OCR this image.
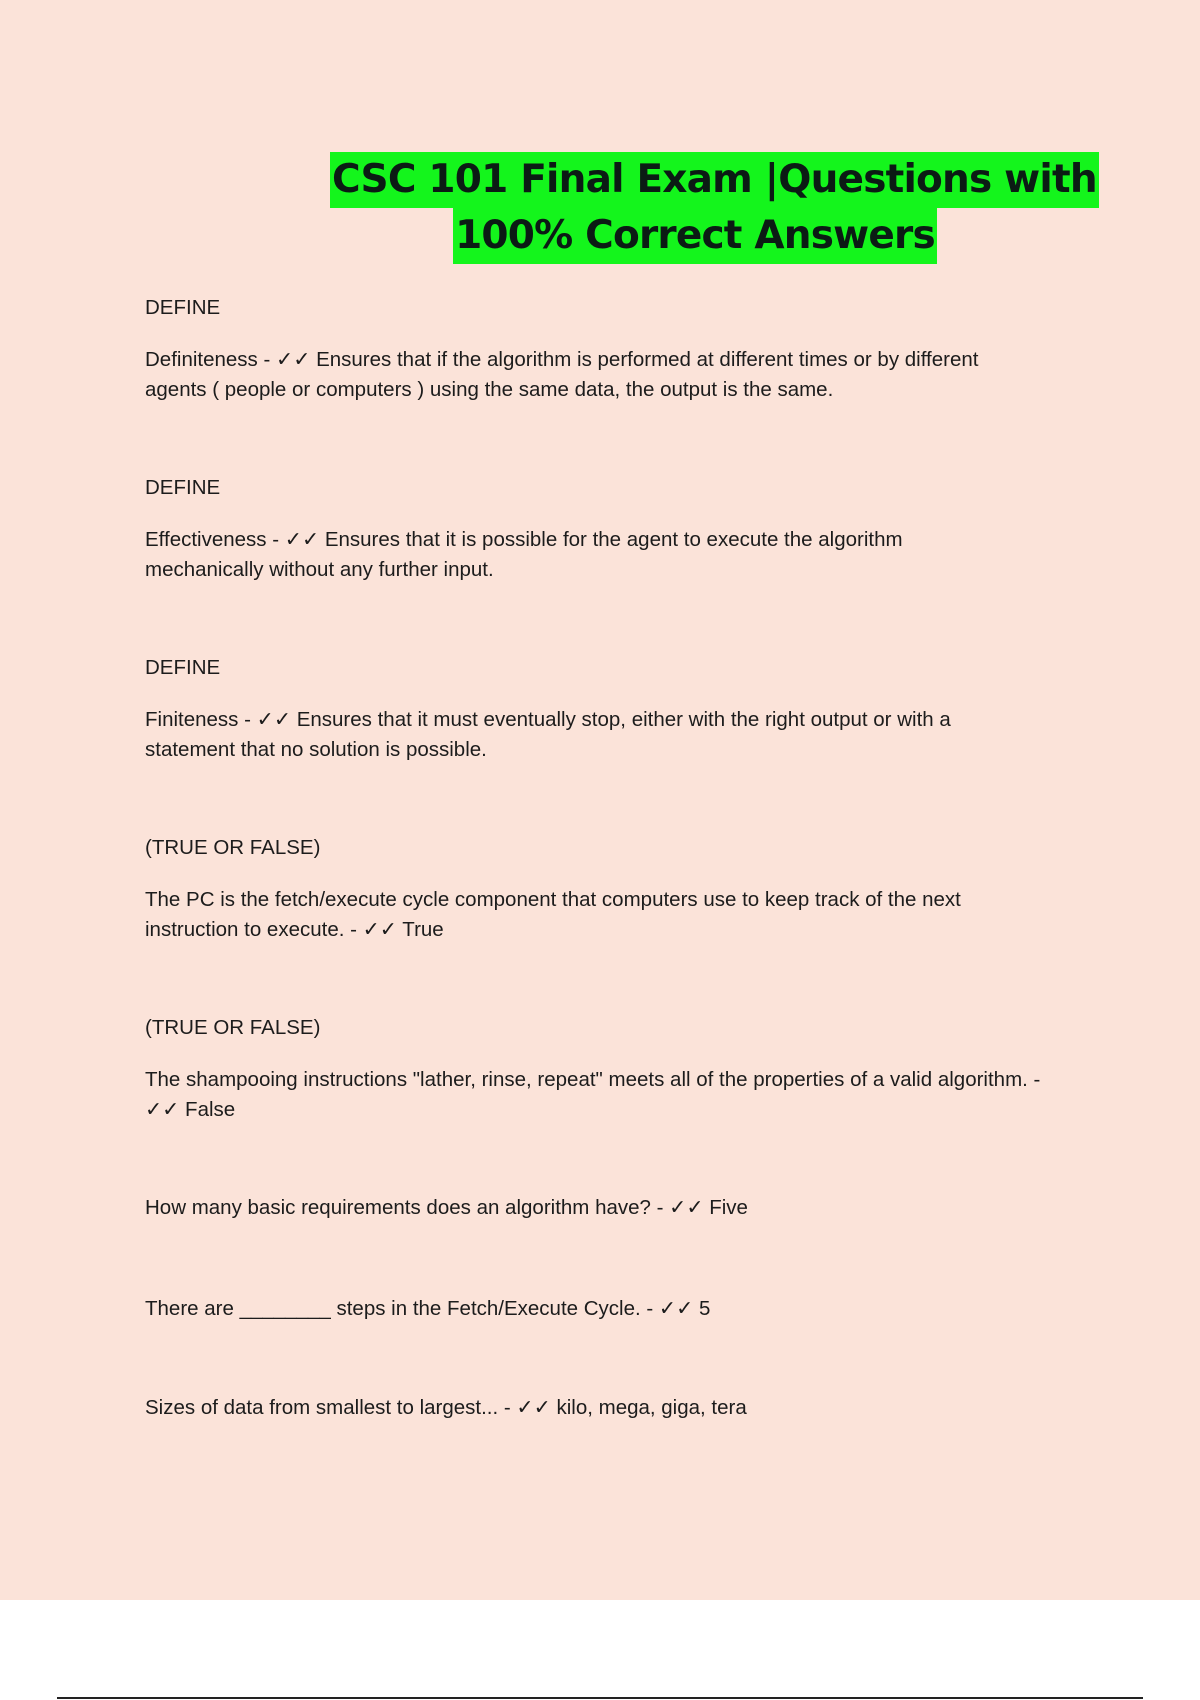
CSC 101 Final Exam |Questions with
100% Correct Answers
DEFINE
Definiteness - ✓✓ Ensures that if the algorithm is performed at different times or by different agents ( people or computers ) using the same data, the output is the same.
DEFINE
Effectiveness - ✓✓ Ensures that it is possible for the agent to execute the algorithm mechanically without any further input.
DEFINE
Finiteness - ✓✓ Ensures that it must eventually stop, either with the right output or with a statement that no solution is possible.
(TRUE OR FALSE)
The PC is the fetch/execute cycle component that computers use to keep track of the next instruction to execute. - ✓✓ True
(TRUE OR FALSE)
The shampooing instructions "lather, rinse, repeat" meets all of the properties of a valid algorithm. - ✓✓ False
How many basic requirements does an algorithm have? - ✓✓ Five
There are ________ steps in the Fetch/Execute Cycle. - ✓✓ 5
Sizes of data from smallest to largest... - ✓✓ kilo, mega, giga, tera
